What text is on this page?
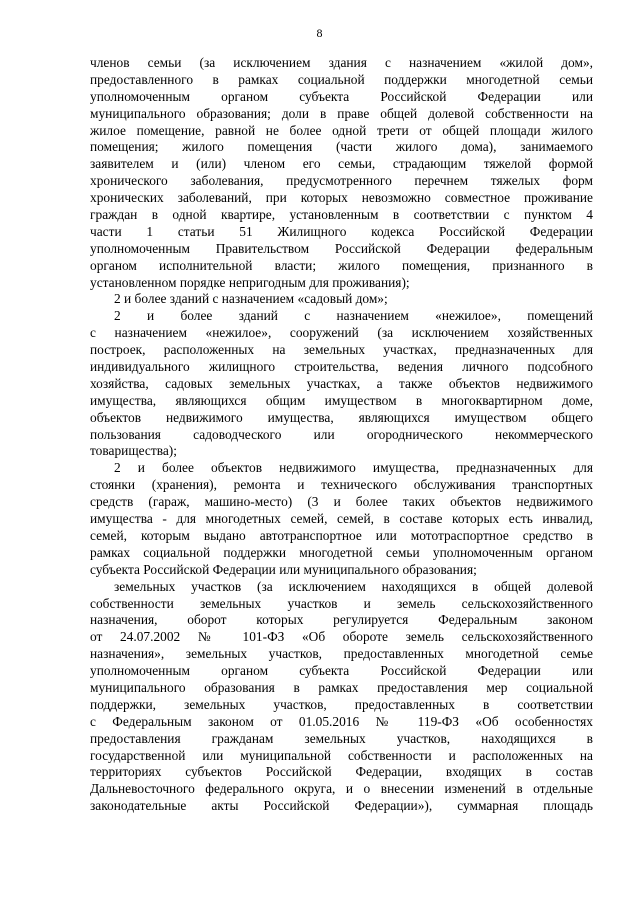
8
членов семьи (за исключением здания с назначением «жилой дом»,
предоставленного в рамках социальной поддержки многодетной семьи
уполномоченным органом субъекта Российской Федерации или
муниципального образования; доли в праве общей долевой собственности на
жилое помещение, равной не более одной трети от общей площади жилого
помещения; жилого помещения (части жилого дома), занимаемого
заявителем и (или) членом его семьи, страдающим тяжелой формой
хронического заболевания, предусмотренного перечнем тяжелых форм
хронических заболеваний, при которых невозможно совместное проживание
граждан в одной квартире, установленным в соответствии с пунктом 4
части 1 статьи 51 Жилищного кодекса Российской Федерации
уполномоченным Правительством Российской Федерации федеральным
органом исполнительной власти; жилого помещения, признанного в
установленном порядке непригодным для проживания);
2 и более зданий с назначением «садовый дом»;
2 и более зданий с назначением «нежилое», помещений
с назначением «нежилое», сооружений (за исключением хозяйственных
построек, расположенных на земельных участках, предназначенных для
индивидуального жилищного строительства, ведения личного подсобного
хозяйства, садовых земельных участках, а также объектов недвижимого
имущества, являющихся общим имуществом в многоквартирном доме,
объектов недвижимого имущества, являющихся имуществом общего
пользования садоводческого или огороднического некоммерческого
товарищества);
2 и более объектов недвижимого имущества, предназначенных для
стоянки (хранения), ремонта и технического обслуживания транспортных
средств (гараж, машино-место) (3 и более таких объектов недвижимого
имущества - для многодетных семей, семей, в составе которых есть инвалид,
семей, которым выдано автотранспортное или мототраспортное средство в
рамках социальной поддержки многодетной семьи уполномоченным органом
субъекта Российской Федерации или муниципального образования;
земельных участков (за исключением находящихся в общей долевой
собственности земельных участков и земель сельскохозяйственного
назначения, оборот которых регулируется Федеральным законом
от 24.07.2002 № 101-ФЗ «Об обороте земель сельскохозяйственного
назначения», земельных участков, предоставленных многодетной семье
уполномоченным органом субъекта Российской Федерации или
муниципального образования в рамках предоставления мер социальной
поддержки, земельных участков, предоставленных в соответствии
с Федеральным законом от 01.05.2016 № 119-ФЗ «Об особенностях
предоставления гражданам земельных участков, находящихся в
государственной или муниципальной собственности и расположенных на
территориях субъектов Российской Федерации, входящих в состав
Дальневосточного федерального округа, и о внесении изменений в отдельные
законодательные акты Российской Федерации»), суммарная площадь
